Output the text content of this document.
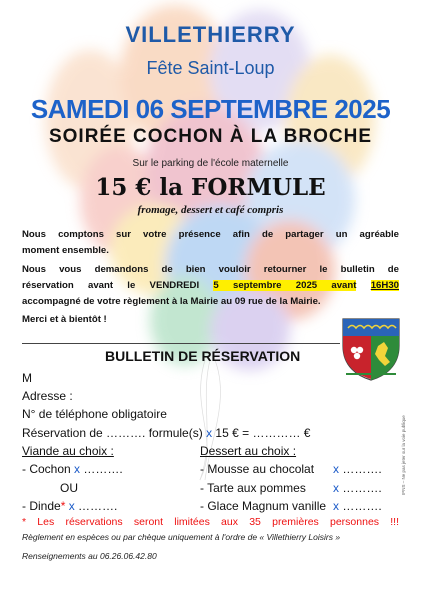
VILLETHIERRY
Fête Saint-Loup
SAMEDI 06 SEPTEMBRE 2025
SOIRÉE COCHON À LA BROCHE
Sur le parking de l'école maternelle
15 € la FORMULE
fromage, dessert et café compris
Nous comptons sur votre présence afin de partager un agréable
moment ensemble.
Nous vous demandons de bien vouloir retourner le bulletin de
réservation avant le VENDREDI 5 septembre 2025 avant 16H30
accompagné de votre règlement à la Mairie au 09 rue de la Mairie.
Merci et à bientôt !
BULLETIN DE RÉSERVATION
M
Adresse :
N° de téléphone obligatoire
Réservation de ………. formule(s) x 15 € = ………… €
Viande au choix :	Dessert au choix :
- Cochon x ……….	- Mousse au chocolat x ……….
OU	- Tarte aux pommes x ……….
- Dinde* x ……….	- Glace Magnum vanille x ……….
* Les réservations seront limitées aux 35 premières personnes !!!
Règlement en espèces ou par chèque uniquement à l'ordre de « Villethierry Loisirs »
Renseignements au 06.26.06.42.80
IPNS – Ne pas jeter sur la voie publique
